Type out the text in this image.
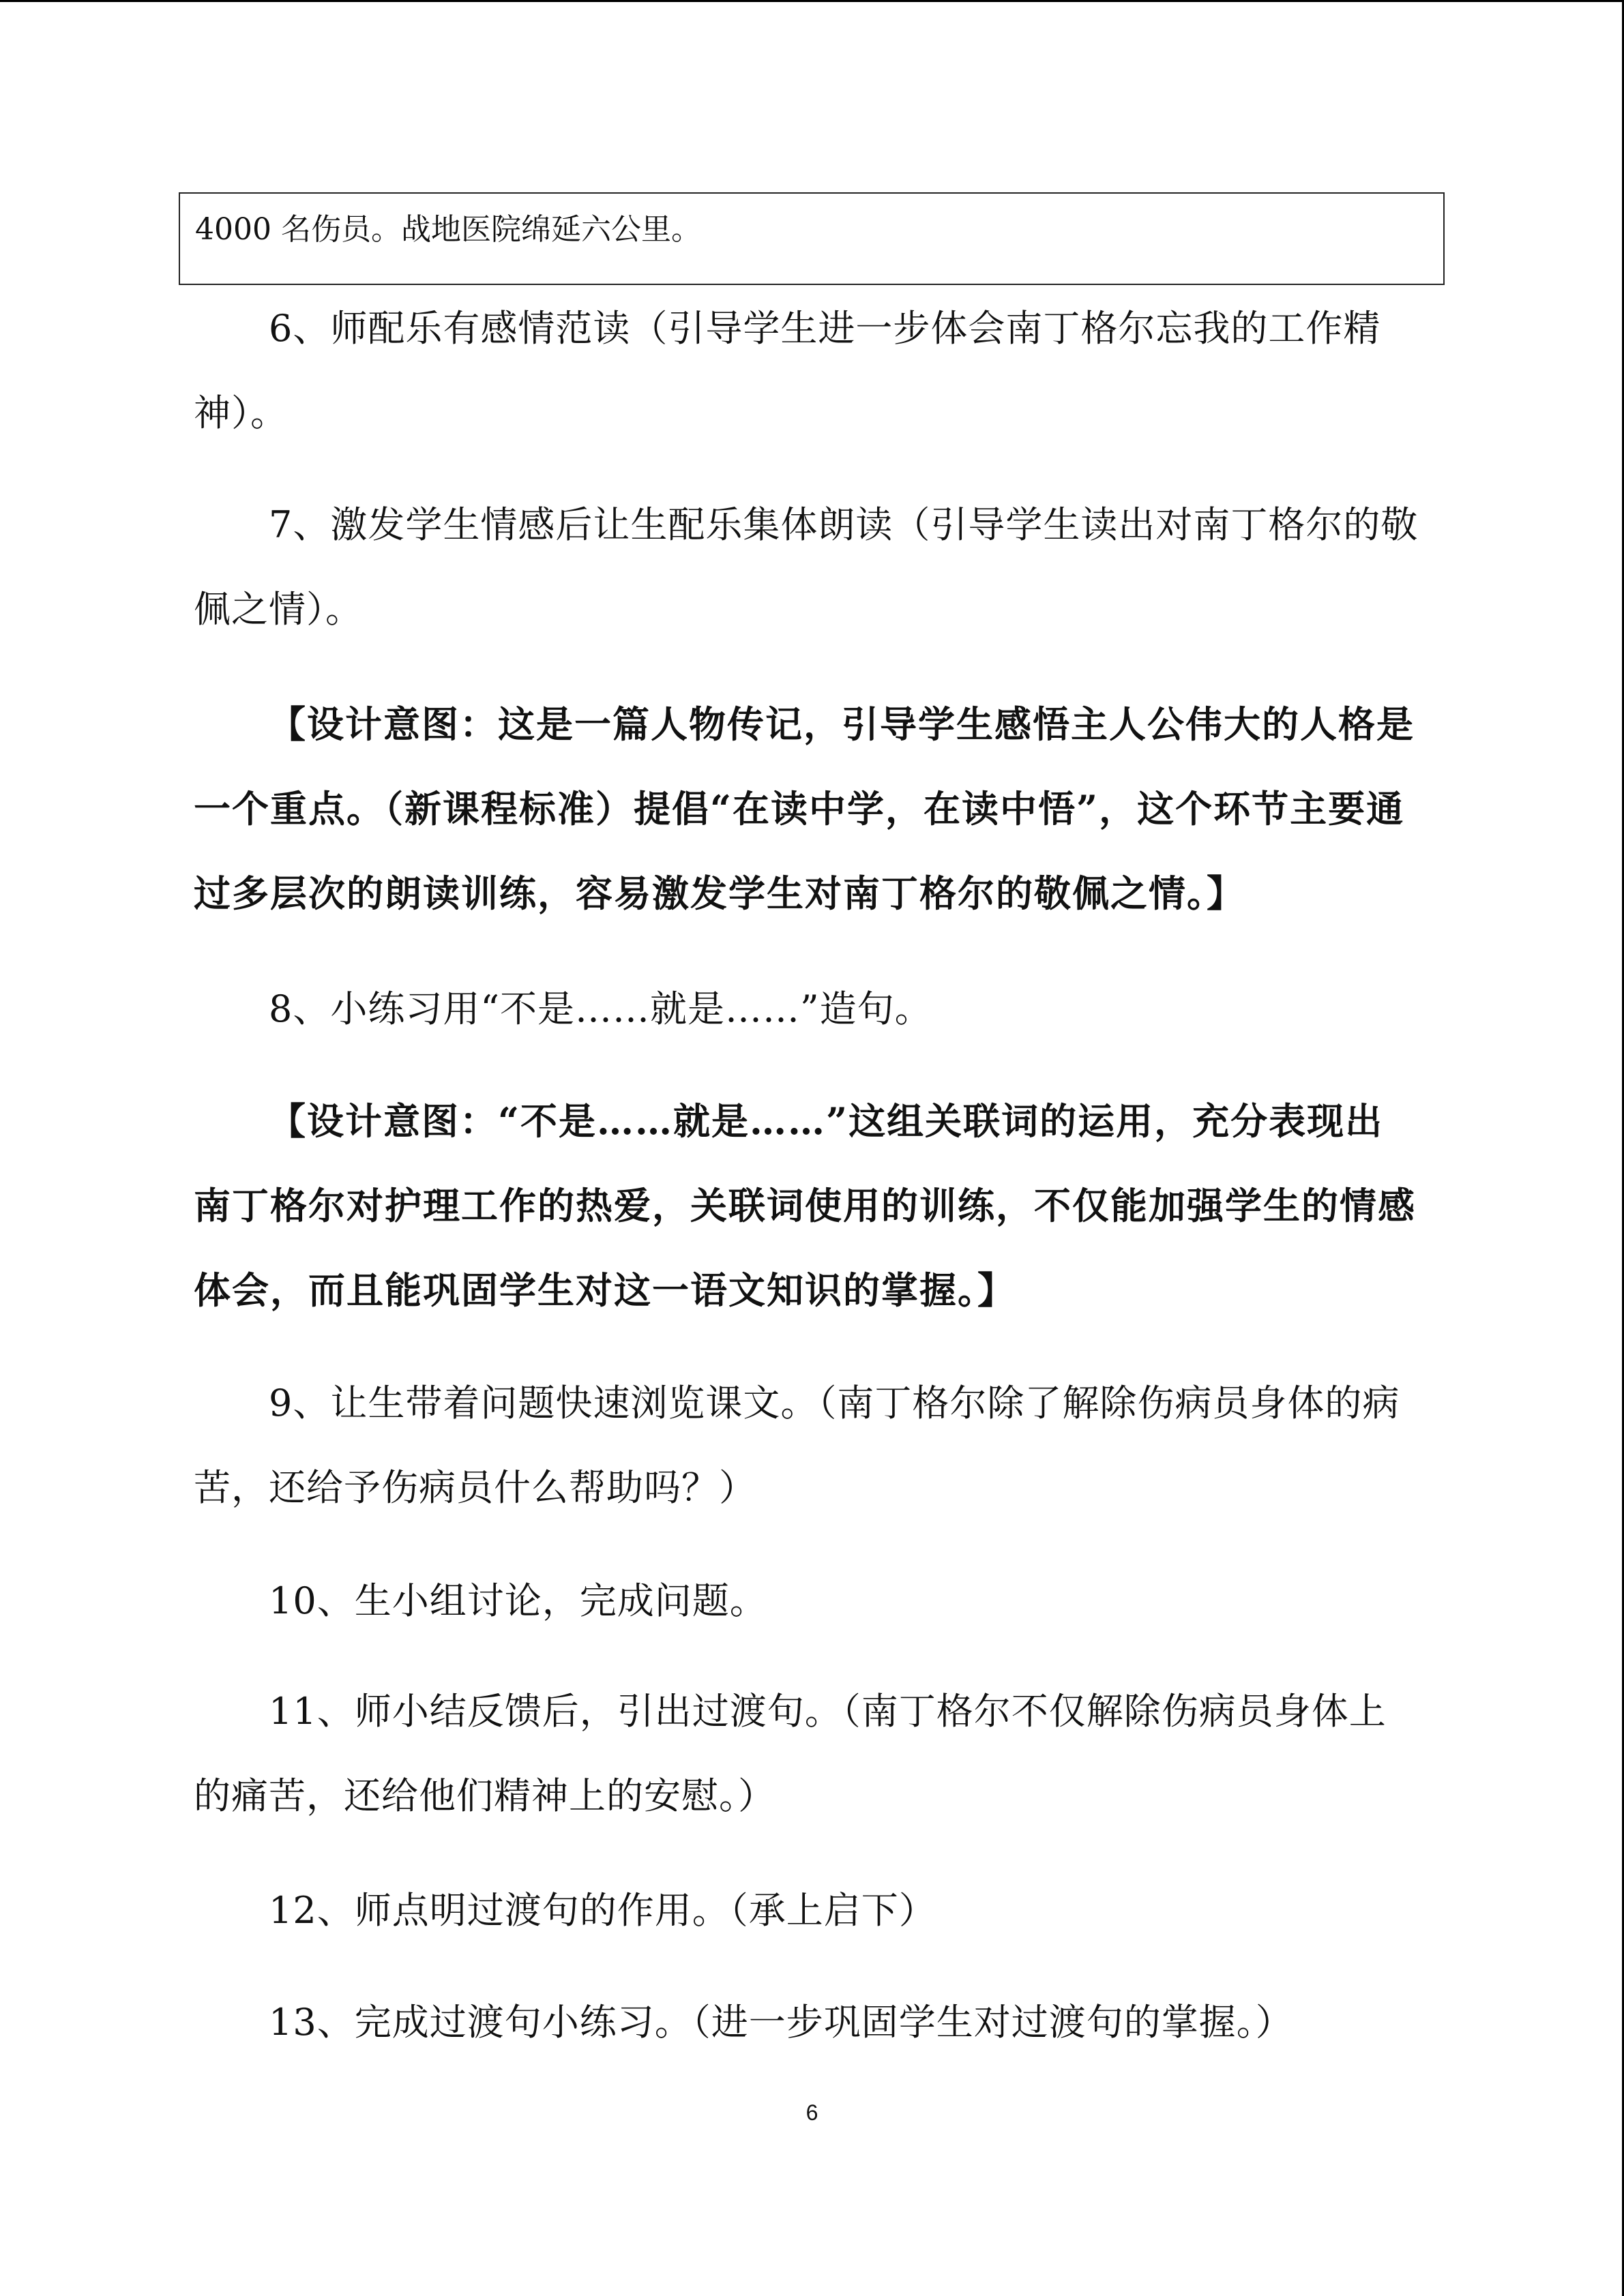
4000 名伤员。战地医院绵延六公里。

6、师配乐有感情范读（引导学生进一步体会南丁格尔忘我的工作精神）。

7、激发学生情感后让生配乐集体朗读（引导学生读出对南丁格尔的敬佩之情）。

【设计意图：这是一篇人物传记，引导学生感悟主人公伟大的人格是一个重点。（新课程标准）提倡“在读中学，在读中悟”，这个环节主要通过多层次的朗读训练，容易激发学生对南丁格尔的敬佩之情。】

8、小练习用“不是……就是……”造句。

【设计意图：“不是……就是……”这组关联词的运用，充分表现出南丁格尔对护理工作的热爱，关联词使用的训练，不仅能加强学生的情感体会，而且能巩固学生对这一语文知识的掌握。】

9、让生带着问题快速浏览课文。（南丁格尔除了解除伤病员身体的病苦，还给予伤病员什么帮助吗？）

10、生小组讨论，完成问题。

11、师小结反馈后，引出过渡句。（南丁格尔不仅解除伤病员身体上的痛苦，还给他们精神上的安慰。）

12、师点明过渡句的作用。（承上启下）

13、完成过渡句小练习。（进一步巩固学生对过渡句的掌握。）

6
